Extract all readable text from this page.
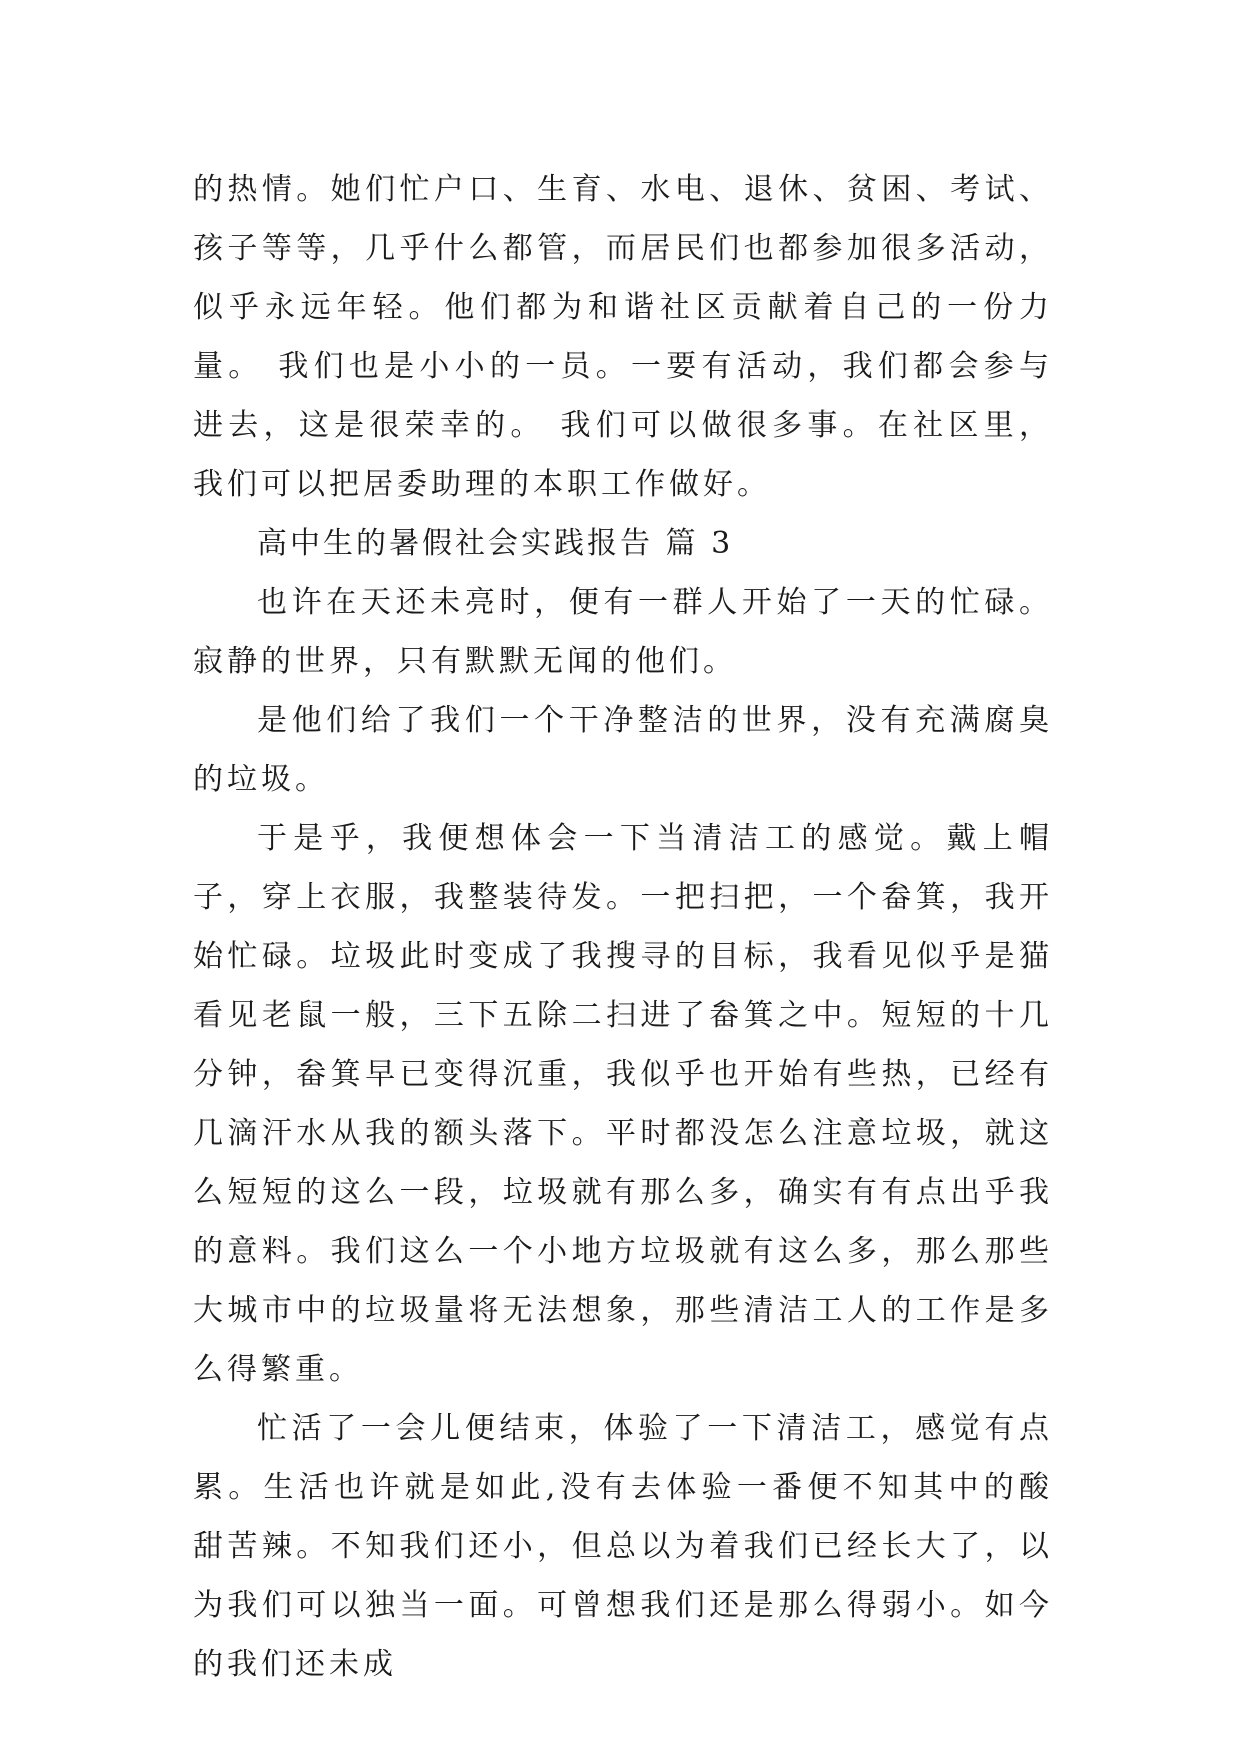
的热情。她们忙户口、生育、水电、退休、贫困、考试、孩子等等，几乎什么都管，而居民们也都参加很多活动，似乎永远年轻。他们都为和谐社区贡献着自己的一份力量。 我们也是小小的一员。一要有活动，我们都会参与进去，这是很荣幸的。 我们可以做很多事。在社区里，我们可以把居委助理的本职工作做好。

高中生的暑假社会实践报告 篇 3

也许在天还未亮时，便有一群人开始了一天的忙碌。寂静的世界，只有默默无闻的他们。

是他们给了我们一个干净整洁的世界，没有充满腐臭的垃圾。

于是乎，我便想体会一下当清洁工的感觉。戴上帽子，穿上衣服，我整装待发。一把扫把，一个畚箕，我开始忙碌。垃圾此时变成了我搜寻的目标，我看见似乎是猫看见老鼠一般，三下五除二扫进了畚箕之中。短短的十几分钟，畚箕早已变得沉重，我似乎也开始有些热，已经有几滴汗水从我的额头落下。平时都没怎么注意垃圾，就这么短短的这么一段，垃圾就有那么多，确实有有点出乎我的意料。我们这么一个小地方垃圾就有这么多，那么那些大城市中的垃圾量将无法想象，那些清洁工人的工作是多么得繁重。

忙活了一会儿便结束，体验了一下清洁工，感觉有点累。生活也许就是如此,没有去体验一番便不知其中的酸甜苦辣。不知我们还小，但总以为着我们已经长大了，以为我们可以独当一面。可曾想我们还是那么得弱小。如今的我们还未成
